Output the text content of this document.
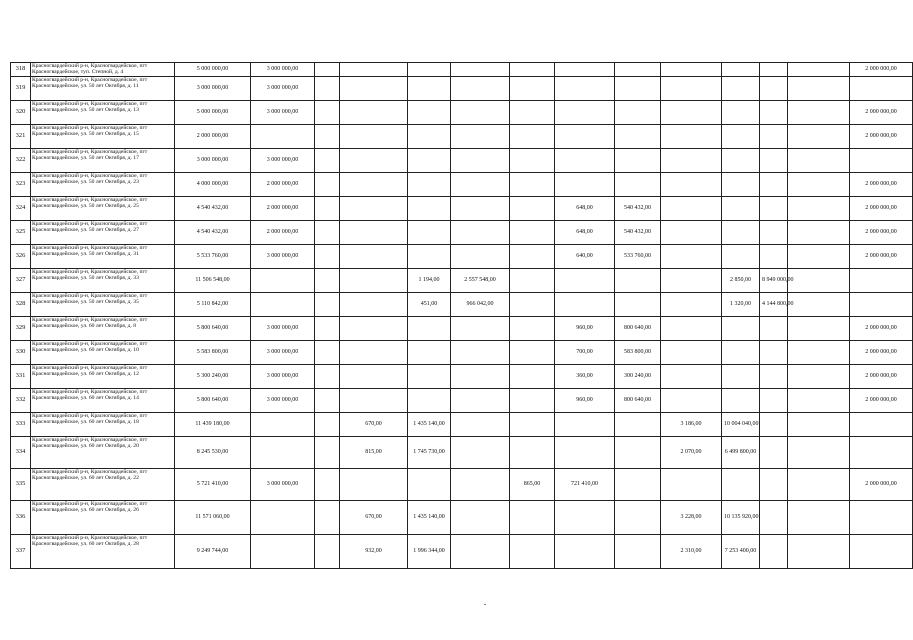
318	Красногвардейский р-н, Красногвардейское, пгт Красногвардейское, туп. Степной, д. 4	5 000 000,00	3 000 000,00												2 000 000,00	
319	Красногвардейский р-н, Красногвардейское, пгт Красногвардейское, ул. 50 лет Октября, д. 11	3 000 000,00	3 000 000,00													
320	Красногвардейский р-н, Красногвардейское, пгт Красногвардейское, ул. 50 лет Октября, д. 13	5 000 000,00	3 000 000,00												2 000 000,00	
321	Красногвардейский р-н, Красногвардейское, пгт Красногвардейское, ул. 50 лет Октября, д. 15	2 000 000,00													2 000 000,00	
322	Красногвардейский р-н, Красногвардейское, пгт Красногвардейское, ул. 50 лет Октября, д. 17	3 000 000,00	3 000 000,00													
323	Красногвардейский р-н, Красногвардейское, пгт Красногвардейское, ул. 50 лет Октября, д. 23	4 000 000,00	2 000 000,00												2 000 000,00	
324	Красногвардейский р-н, Красногвардейское, пгт Красногвардейское, ул. 50 лет Октября, д. 25	4 540 432,00	2 000 000,00						648,00	540 432,00					2 000 000,00	
325	Красногвардейский р-н, Красногвардейское, пгт Красногвардейское, ул. 50 лет Октября, д. 27	4 540 432,00	2 000 000,00						648,00	540 432,00					2 000 000,00	
326	Красногвардейский р-н, Красногвардейское, пгт Красногвардейское, ул. 50 лет Октября, д. 31	5 533 760,00	3 000 000,00						640,00	533 760,00					2 000 000,00	
327	Красногвардейский р-н, Красногвардейское, пгт Красногвардейское, ул. 50 лет Октября, д. 33	11 506 548,00				1 194,00	2 557 548,00					2 850,00	8 949 000,00			
328	Красногвардейский р-н, Красногвардейское, пгт Красногвардейское, ул. 50 лет Октября, д. 35	5 110 842,00				451,00	966 042,00					1 320,00	4 144 800,00			
329	Красногвардейский р-н, Красногвардейское, пгт Красногвардейское, ул. 60 лет Октября, д. 8	5 800 640,00	3 000 000,00						960,00	800 640,00					2 000 000,00	
330	Красногвардейский р-н, Красногвардейское, пгт Красногвардейское, ул. 60 лет Октября, д. 10	5 583 800,00	3 000 000,00						700,00	583 800,00					2 000 000,00	
331	Красногвардейский р-н, Красногвардейское, пгт Красногвардейское, ул. 60 лет Октября, д. 12	5 300 240,00	3 000 000,00						360,00	300 240,00					2 000 000,00	
332	Красногвардейский р-н, Красногвардейское, пгт Красногвардейское, ул. 60 лет Октября, д. 14	5 800 640,00	3 000 000,00						960,00	800 640,00					2 000 000,00	
333	Красногвардейский р-н, Красногвардейское, пгт Красногвардейское, ул. 60 лет Октября, д. 18	11 439 180,00			670,00	1 435 140,00					3 186,00	10 004 040,00				
334	Красногвардейский р-н, Красногвардейское, пгт Красногвардейское, ул. 60 лет Октября, д. 20	8 245 530,00			815,00	1 745 730,00					2 070,00	6 499 800,00				
335	Красногвардейский р-н, Красногвардейское, пгт Красногвардейское, ул. 60 лет Октября, д. 22	5 721 410,00	3 000 000,00					865,00	721 410,00						2 000 000,00	
336	Красногвардейский р-н, Красногвардейское, пгт Красногвардейское, ул. 60 лет Октября, д. 26	11 571 060,00			670,00	1 435 140,00					3 228,00	10 135 920,00				
337	Красногвардейский р-н, Красногвардейское, пгт Красногвардейское, ул. 60 лет Октября, д. 28	9 249 744,00			932,00	1 996 344,00					2 310,00	7 253 400,00				
